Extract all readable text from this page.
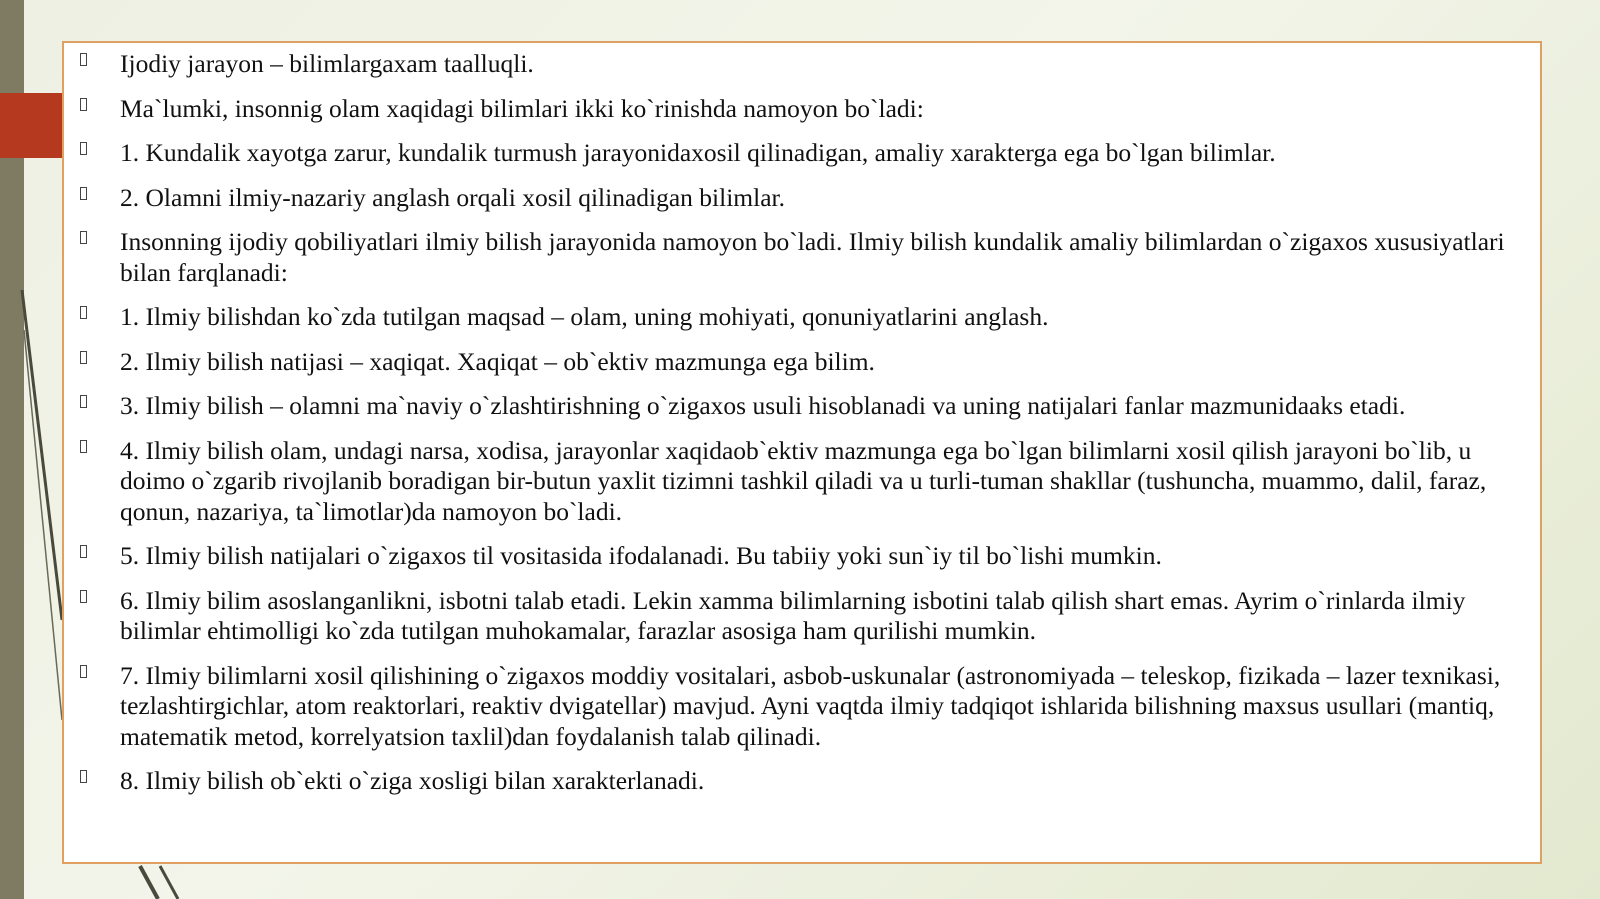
Ijodiy jarayon – bilimlargaxam taalluqli.
Ma`lumki, insonnig olam xaqidagi bilimlari ikki ko`rinishda namoyon bo`ladi:
1. Kundalik xayotga zarur, kundalik turmush jarayonidaxosil qilinadigan, amaliy xarakterga ega bo`lgan bilimlar.
2. Olamni ilmiy-nazariy anglash orqali xosil qilinadigan bilimlar.
Insonning ijodiy qobiliyatlari ilmiy bilish jarayonida namoyon bo`ladi. Ilmiy bilish kundalik amaliy bilimlardan o`zigaxos xususiyatlari bilan farqlanadi:
1. Ilmiy bilishdan ko`zda tutilgan maqsad – olam, uning mohiyati, qonuniyatlarini anglash.
2. Ilmiy bilish natijasi – xaqiqat. Xaqiqat – ob`ektiv mazmunga ega bilim.
3. Ilmiy bilish – olamni ma`naviy o`zlashtirishning o`zigaxos usuli hisoblanadi va uning natijalari fanlar mazmunidaaks etadi.
4. Ilmiy bilish olam, undagi narsa, xodisa, jarayonlar xaqidaob`ektiv mazmunga ega bo`lgan bilimlarni xosil qilish jarayoni bo`lib, u doimo o`zgarib rivojlanib boradigan bir-butun yaxlit tizimni tashkil qiladi va u turli-tuman shakllar (tushuncha, muammo, dalil, faraz, qonun, nazariya, ta`limotlar)da namoyon bo`ladi.
5. Ilmiy bilish natijalari o`zigaxos til vositasida ifodalanadi. Bu tabiiy yoki sun`iy til bo`lishi mumkin.
6. Ilmiy bilim asoslanganlikni, isbotni talab etadi. Lekin xamma bilimlarning isbotini talab qilish shart emas. Ayrim o`rinlarda ilmiy bilimlar ehtimolligi ko`zda tutilgan muhokamalar, farazlar asosiga ham qurilishi mumkin.
7. Ilmiy bilimlarni xosil qilishining o`zigaxos moddiy vositalari, asbob-uskunalar (astronomiyada – teleskop, fizikada – lazer texnikasi, tezlashtirgichlar, atom reaktorlari, reaktiv dvigatellar) mavjud. Ayni vaqtda ilmiy tadqiqot ishlarida bilishning maxsus usullari (mantiq, matematik metod, korrelyatsion taxlil)dan foydalanish talab qilinadi.
8. Ilmiy bilish ob`ekti o`ziga xosligi bilan xarakterlanadi.
